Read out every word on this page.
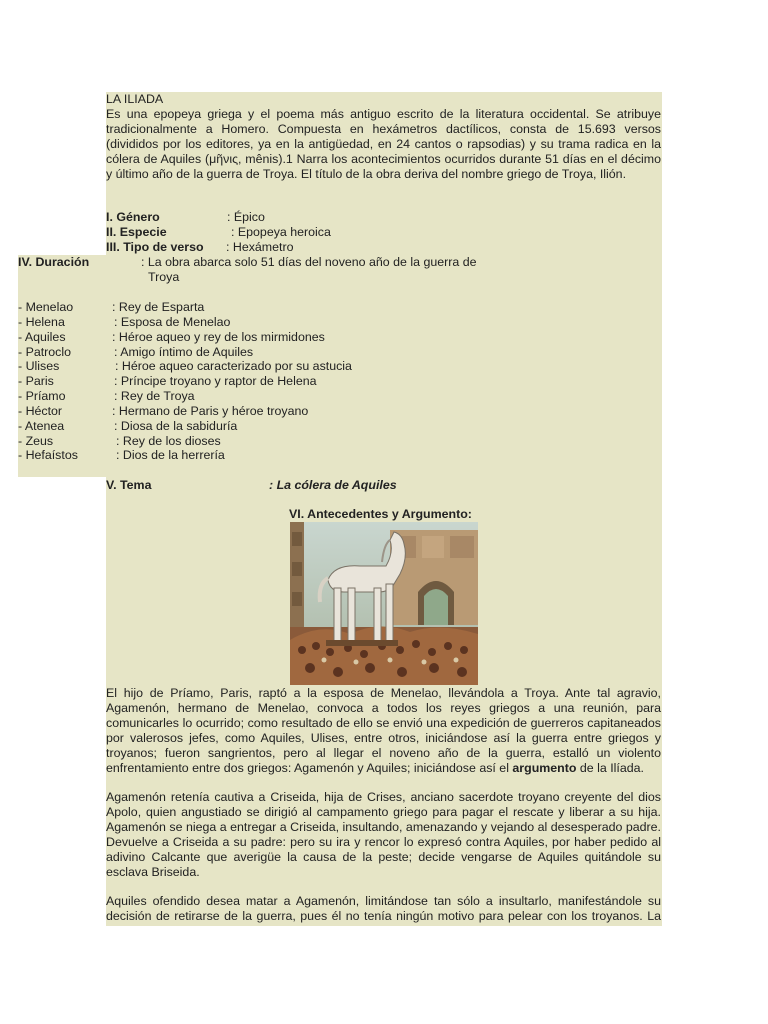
LA ILIADA
Es una epopeya griega y el poema más antiguo escrito de la literatura occidental. Se atribuye tradicionalmente a Homero. Compuesta en hexámetros dactílicos, consta de 15.693 versos (divididos por los editores, ya en la antigüedad, en 24 cantos o rapsodias) y su trama radica en la cólera de Aquiles (μῆνις, mênis).1 Narra los acontecimientos ocurridos durante 51 días en el décimo y último año de la guerra de Troya. El título de la obra deriva del nombre griego de Troya, Ilión.
I. Género	: Épico
II. Especie	: Epopeya heroica
III. Tipo de verso : Hexámetro
IV. Duración	: La obra abarca solo 51 días del noveno año de la guerra de
Troya
- Menelao	: Rey de Esparta
- Helena	: Esposa de Menelao
- Aquiles	: Héroe aqueo y rey de los mirmidones
- Patroclo	: Amigo íntimo de Aquiles
- Ulises	: Héroe aqueo caracterizado por su astucia
- Paris	: Príncipe troyano y raptor de Helena
- Príamo	: Rey de Troya
- Héctor	: Hermano de Paris y héroe troyano
- Atenea	: Diosa de la sabiduría
- Zeus	: Rey de los dioses
- Hefaístos	: Dios de la herrería
V. Tema	: La cólera de Aquiles
VI. Antecedentes y Argumento:
El hijo de Príamo, Paris, raptó a la esposa de Menelao, llevándola a Troya. Ante tal agravio, Agamenón, hermano de Menelao, convoca a todos los reyes griegos a una reunión, para comunicarles lo ocurrido; como resultado de ello se envió una expedición de guerreros capitaneados por valerosos jefes, como Aquiles, Ulises, entre otros, iniciándose así la guerra entre griegos y troyanos; fueron sangrientos, pero al llegar el noveno año de la guerra, estalló un violento enfrentamiento entre dos griegos: Agamenón y Aquiles; iniciándose así el argumento de la Ilíada.
Agamenón retenía cautiva a Criseida, hija de Crises, anciano sacerdote troyano creyente del dios Apolo, quien angustiado se dirigió al campamento griego para pagar el rescate y liberar a su hija. Agamenón se niega a entregar a Criseida, insultando, amenazando y vejando al desesperado padre. Devuelve a Criseida a su padre: pero su ira y rencor lo expresó contra Aquiles, por haber pedido al adivino Calcante que averigüe la causa de la peste; decide vengarse de Aquiles quitándole su esclava Briseida.
Aquiles ofendido desea matar a Agamenón, limitándose tan sólo a insultarlo, manifestándole su decisión de retirarse de la guerra, pues él no tenía ningún motivo para pelear con los troyanos. La
